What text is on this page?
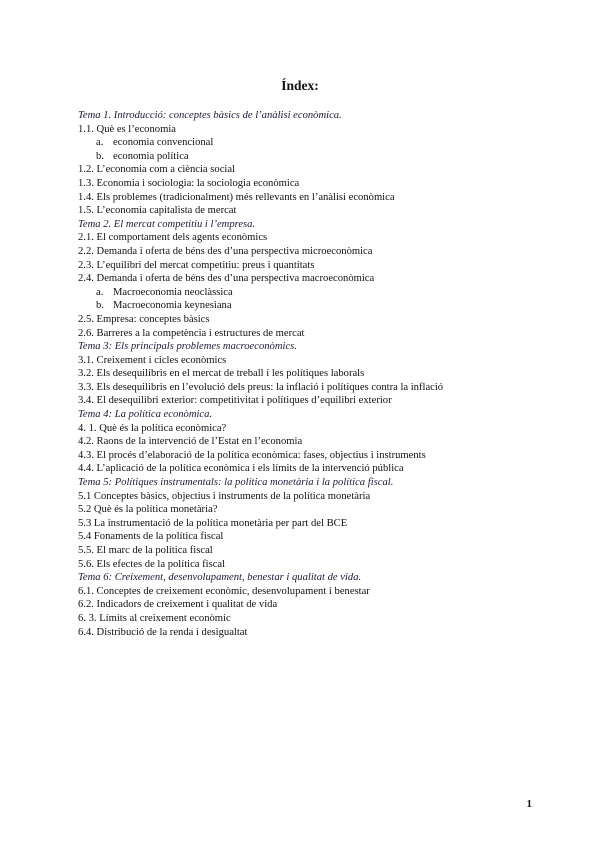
Índex:
Tema 1. Introducció: conceptes bàsics de l’anàlisi econòmica.
1.1. Què es l’economia
a. economia convencional
b. economia política
1.2. L’economia com a ciència social
1.3. Economia i sociologia: la sociologia econòmica
1.4. Els problemes (tradicionalment) més rellevants en l’anàlisi econòmica
1.5. L’economia capitalista de mercat
Tema 2. El mercat competitiu i l’empresa.
2.1. El comportament dels agents econòmics
2.2. Demanda i oferta de béns des d’una perspectiva microeconòmica
2.3. L’equilibri del mercat competitiu: preus i quantitats
2.4. Demanda i oferta de béns des d’una perspectiva macroeconòmica
a. Macroeconomia neoclàssica
b. Macroeconomia keynesiana
2.5. Empresa: conceptes bàsics
2.6. Barreres a la competència i estructures de mercat
Tema 3: Els principals problemes macroeconòmics.
3.1. Creixement i cicles econòmics
3.2. Els desequilibris en el mercat de treball i les polítiques laborals
3.3. Els desequilibris en l’evolució dels preus: la inflació i polítiques contra la inflació
3.4. El desequilibri exterior: competitivitat i polítiques d’equilibri exterior
Tema 4: La política econòmica.
4. 1. Què és la política econòmica?
4.2. Raons de la intervenció de l’Estat en l’economia
4.3. El procés d’elaboració de la política econòmica: fases, objectius i instruments
4.4. L’aplicació de la política econòmica i els límits de la intervenció pública
Tema 5: Polítiques instrumentals: la política monetària i la política fiscal.
5.1 Conceptes bàsics, objectius i instruments de la política monetària
5.2 Què és la política monetària?
5.3 La instrumentació de la política monetària per part del BCE
5.4 Fonaments de la política fiscal
5.5. El marc de la política fiscal
5.6. Els efectes de la política fiscal
Tema 6: Creixement, desenvolupament, benestar i qualitat de vida.
6.1. Conceptes de creixement econòmic, desenvolupament i benestar
6.2. Indicadors de creixement i qualitat de vida
6. 3. Límits al creixement econòmic
6.4. Distribució de la renda i desigualtat
1
